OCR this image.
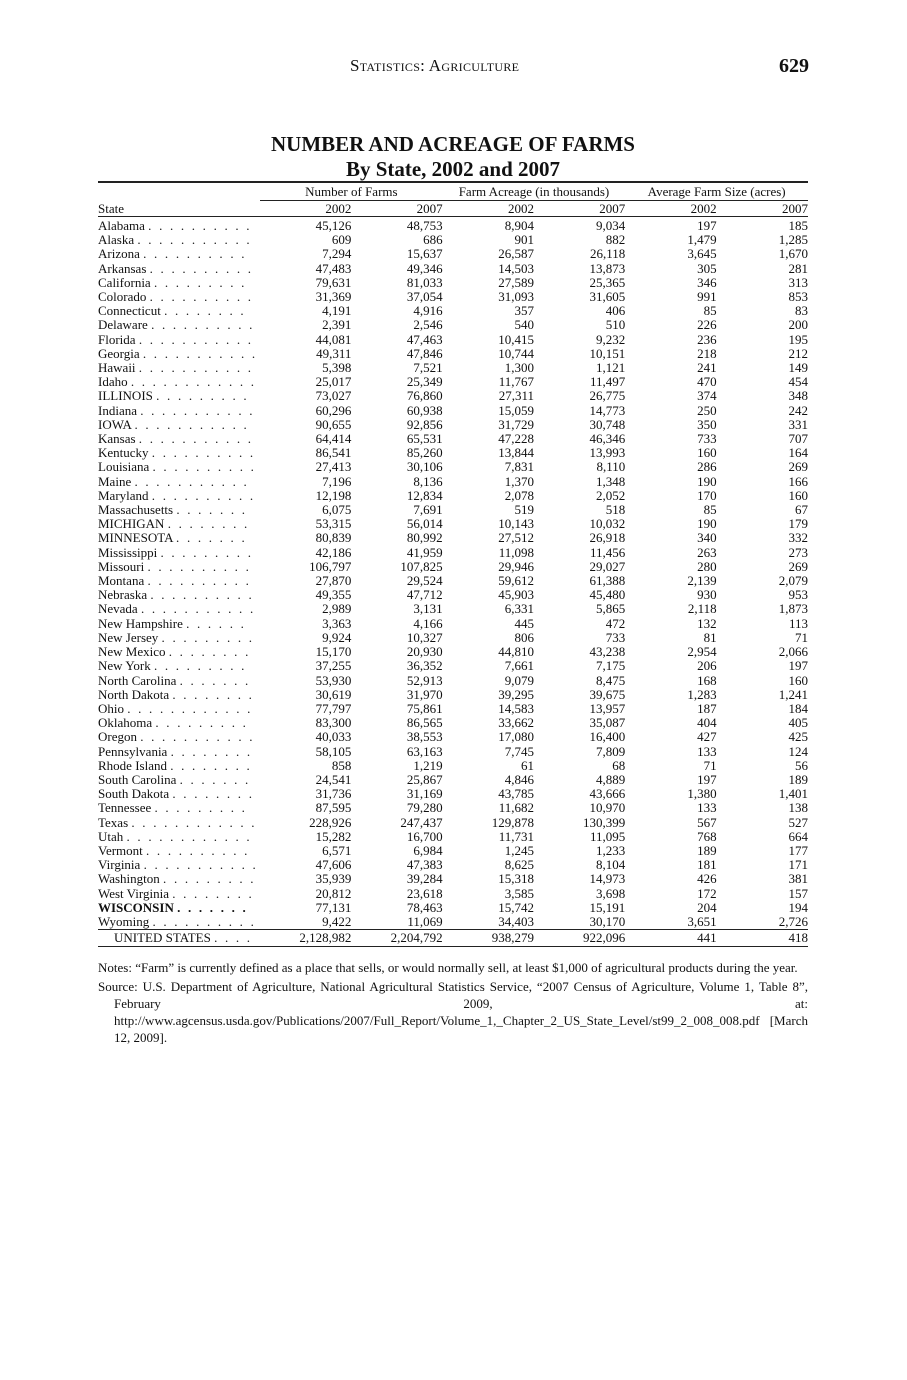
Statistics: Agriculture	629
NUMBER AND ACREAGE OF FARMS
By State, 2002 and 2007
	Number of Farms		Farm Acreage (in thousands)		Average Farm Size (acres)	
State	2002	2007	2002	2007	2002	2007
Alabama . . . . . . . . . .	45,126	48,753	8,904	9,034	197	185
Alaska . . . . . . . . . . .	609	686	901	882	1,479	1,285
Arizona . . . . . . . . . .	7,294	15,637	26,587	26,118	3,645	1,670
Arkansas . . . . . . . . . .	47,483	49,346	14,503	13,873	305	281
California . . . . . . . . .	79,631	81,033	27,589	25,365	346	313
Colorado . . . . . . . . . .	31,369	37,054	31,093	31,605	991	853
Connecticut . . . . . . . .	4,191	4,916	357	406	85	83
Delaware . . . . . . . . . .	2,391	2,546	540	510	226	200
Florida . . . . . . . . . . .	44,081	47,463	10,415	9,232	236	195
Georgia . . . . . . . . . . .	49,311	47,846	10,744	10,151	218	212
Hawaii . . . . . . . . . . .	5,398	7,521	1,300	1,121	241	149
Idaho . . . . . . . . . . . .	25,017	25,349	11,767	11,497	470	454
ILLINOIS . . . . . . . . .	73,027	76,860	27,311	26,775	374	348
Indiana . . . . . . . . . . .	60,296	60,938	15,059	14,773	250	242
IOWA . . . . . . . . . . .	90,655	92,856	31,729	30,748	350	331
Kansas . . . . . . . . . . .	64,414	65,531	47,228	46,346	733	707
Kentucky . . . . . . . . . .	86,541	85,260	13,844	13,993	160	164
Louisiana . . . . . . . . . .	27,413	30,106	7,831	8,110	286	269
Maine . . . . . . . . . . .	7,196	8,136	1,370	1,348	190	166
Maryland . . . . . . . . . .	12,198	12,834	2,078	2,052	170	160
Massachusetts . . . . . . .	6,075	7,691	519	518	85	67
MICHIGAN . . . . . . . .	53,315	56,014	10,143	10,032	190	179
MINNESOTA . . . . . . .	80,839	80,992	27,512	26,918	340	332
Mississippi . . . . . . . . .	42,186	41,959	11,098	11,456	263	273
Missouri . . . . . . . . . .	106,797	107,825	29,946	29,027	280	269
Montana . . . . . . . . . .	27,870	29,524	59,612	61,388	2,139	2,079
Nebraska . . . . . . . . . .	49,355	47,712	45,903	45,480	930	953
Nevada . . . . . . . . . . .	2,989	3,131	6,331	5,865	2,118	1,873
New Hampshire . . . . . .	3,363	4,166	445	472	132	113
New Jersey . . . . . . . . .	9,924	10,327	806	733	81	71
New Mexico . . . . . . . .	15,170	20,930	44,810	43,238	2,954	2,066
New York . . . . . . . . .	37,255	36,352	7,661	7,175	206	197
North Carolina . . . . . . .	53,930	52,913	9,079	8,475	168	160
North Dakota . . . . . . . .	30,619	31,970	39,295	39,675	1,283	1,241
Ohio . . . . . . . . . . . .	77,797	75,861	14,583	13,957	187	184
Oklahoma . . . . . . . . .	83,300	86,565	33,662	35,087	404	405
Oregon . . . . . . . . . . .	40,033	38,553	17,080	16,400	427	425
Pennsylvania . . . . . . . .	58,105	63,163	7,745	7,809	133	124
Rhode Island . . . . . . . .	858	1,219	61	68	71	56
South Carolina . . . . . . .	24,541	25,867	4,846	4,889	197	189
South Dakota . . . . . . . .	31,736	31,169	43,785	43,666	1,380	1,401
Tennessee . . . . . . . . .	87,595	79,280	11,682	10,970	133	138
Texas . . . . . . . . . . . .	228,926	247,437	129,878	130,399	567	527
Utah . . . . . . . . . . . .	15,282	16,700	11,731	11,095	768	664
Vermont . . . . . . . . . .	6,571	6,984	1,245	1,233	189	177
Virginia . . . . . . . . . . .	47,606	47,383	8,625	8,104	181	171
Washington . . . . . . . . .	35,939	39,284	15,318	14,973	426	381
West Virginia . . . . . . . .	20,812	23,618	3,585	3,698	172	157
WISCONSIN . . . . . . .	77,131	78,463	15,742	15,191	204	194
Wyoming . . . . . . . . . .	9,422	11,069	34,403	30,170	3,651	2,726
UNITED STATES . . . .	2,128,982	2,204,792	938,279	922,096	441	418

Notes: “Farm” is currently defined as a place that sells, or would normally sell, at least $1,000 of agricultural products during the year.

Source: U.S. Department of Agriculture, National Agricultural Statistics Service, “2007 Census of Agriculture, Volume 1, Table 8”, February 2009, at: http://www.agcensus.usda.gov/Publications/2007/Full_Report/Volume_1,_Chapter_2_US_State_Level/st99_2_008_008.pdf [March 12, 2009].
